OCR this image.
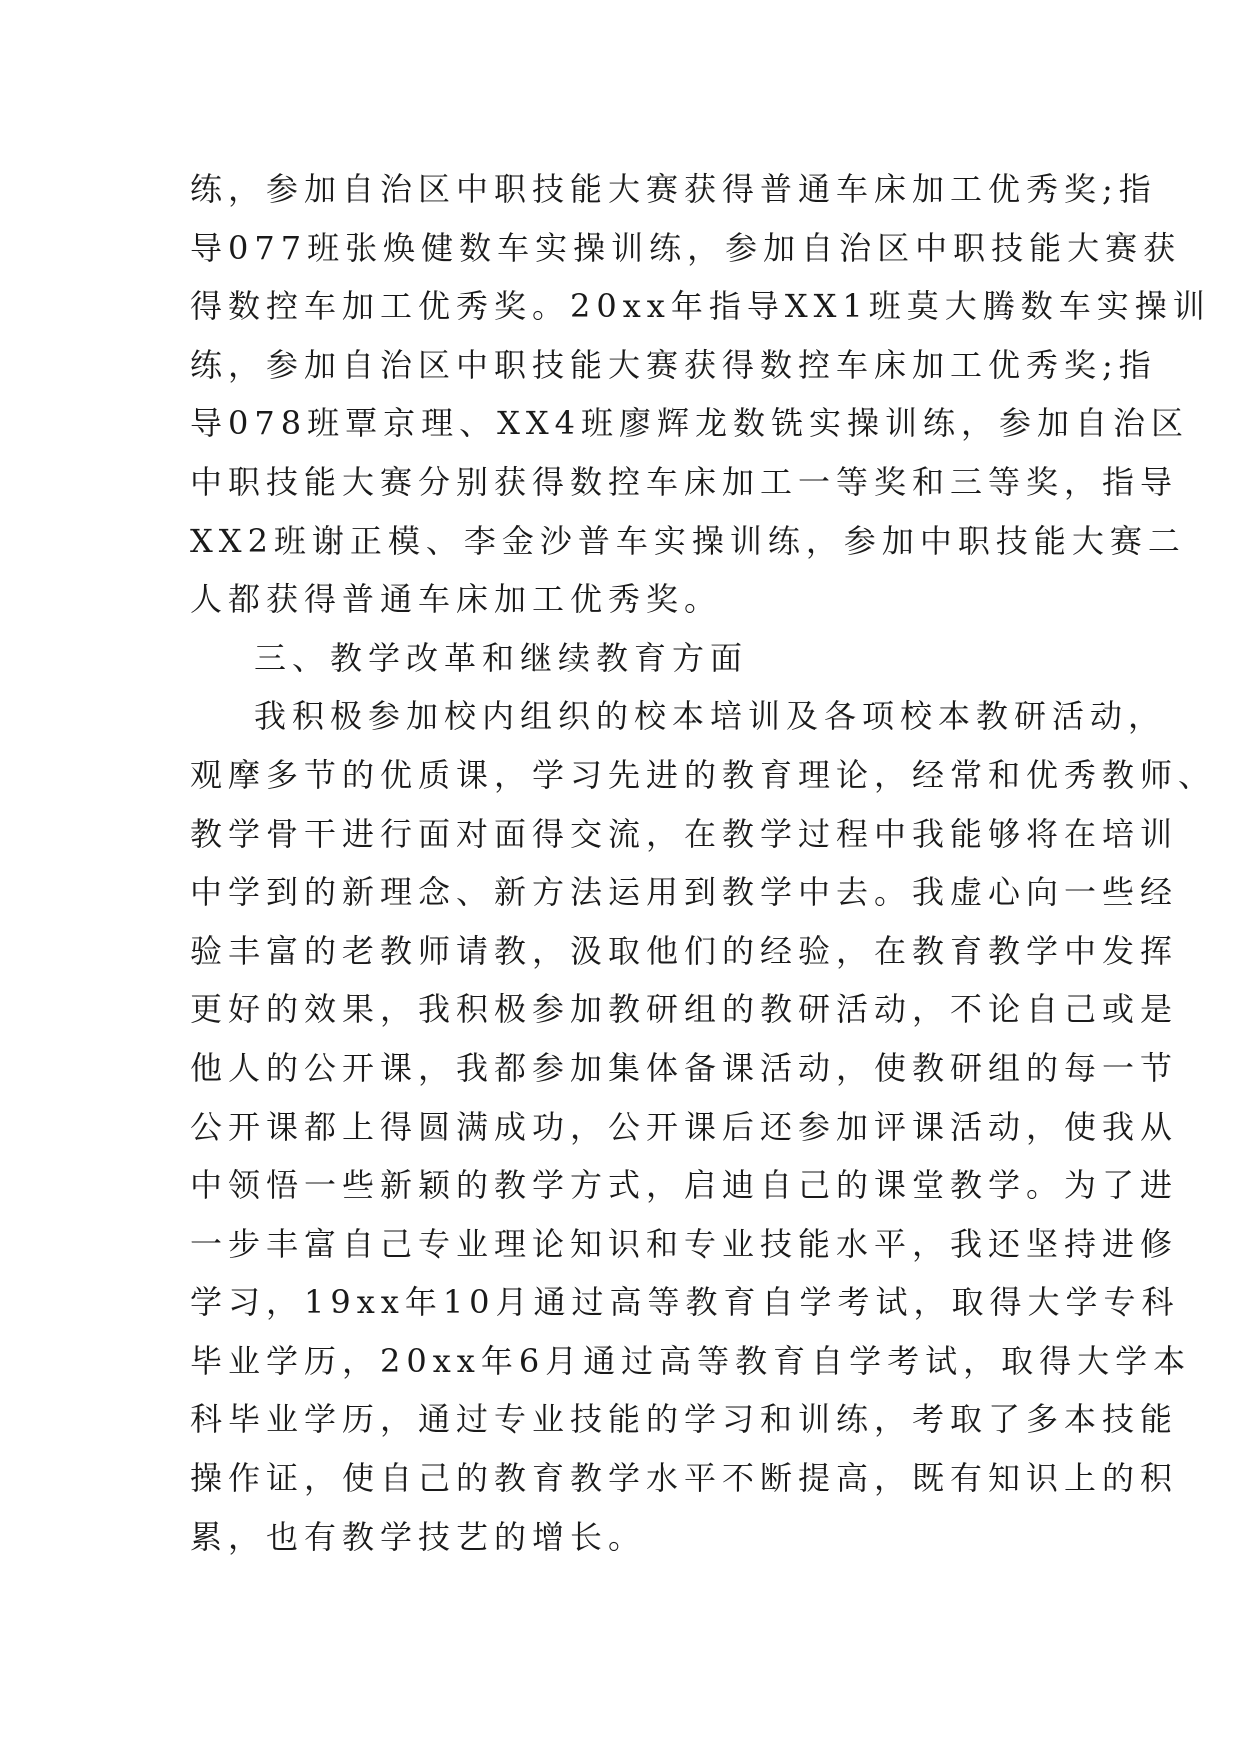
练，参加自治区中职技能大赛获得普通车床加工优秀奖;指
导077班张焕健数车实操训练，参加自治区中职技能大赛获
得数控车加工优秀奖。20xx年指导XX1班莫大腾数车实操训
练，参加自治区中职技能大赛获得数控车床加工优秀奖;指
导078班覃京理、XX4班廖辉龙数铣实操训练，参加自治区
中职技能大赛分别获得数控车床加工一等奖和三等奖，指导
XX2班谢正模、李金沙普车实操训练，参加中职技能大赛二
人都获得普通车床加工优秀奖。
三、教学改革和继续教育方面
我积极参加校内组织的校本培训及各项校本教研活动，
观摩多节的优质课，学习先进的教育理论，经常和优秀教师、
教学骨干进行面对面得交流，在教学过程中我能够将在培训
中学到的新理念、新方法运用到教学中去。我虚心向一些经
验丰富的老教师请教，汲取他们的经验，在教育教学中发挥
更好的效果，我积极参加教研组的教研活动，不论自己或是
他人的公开课，我都参加集体备课活动，使教研组的每一节
公开课都上得圆满成功，公开课后还参加评课活动，使我从
中领悟一些新颖的教学方式，启迪自己的课堂教学。为了进
一步丰富自己专业理论知识和专业技能水平，我还坚持进修
学习，19xx年10月通过高等教育自学考试，取得大学专科
毕业学历，20xx年6月通过高等教育自学考试，取得大学本
科毕业学历，通过专业技能的学习和训练，考取了多本技能
操作证，使自己的教育教学水平不断提高，既有知识上的积
累，也有教学技艺的增长。
